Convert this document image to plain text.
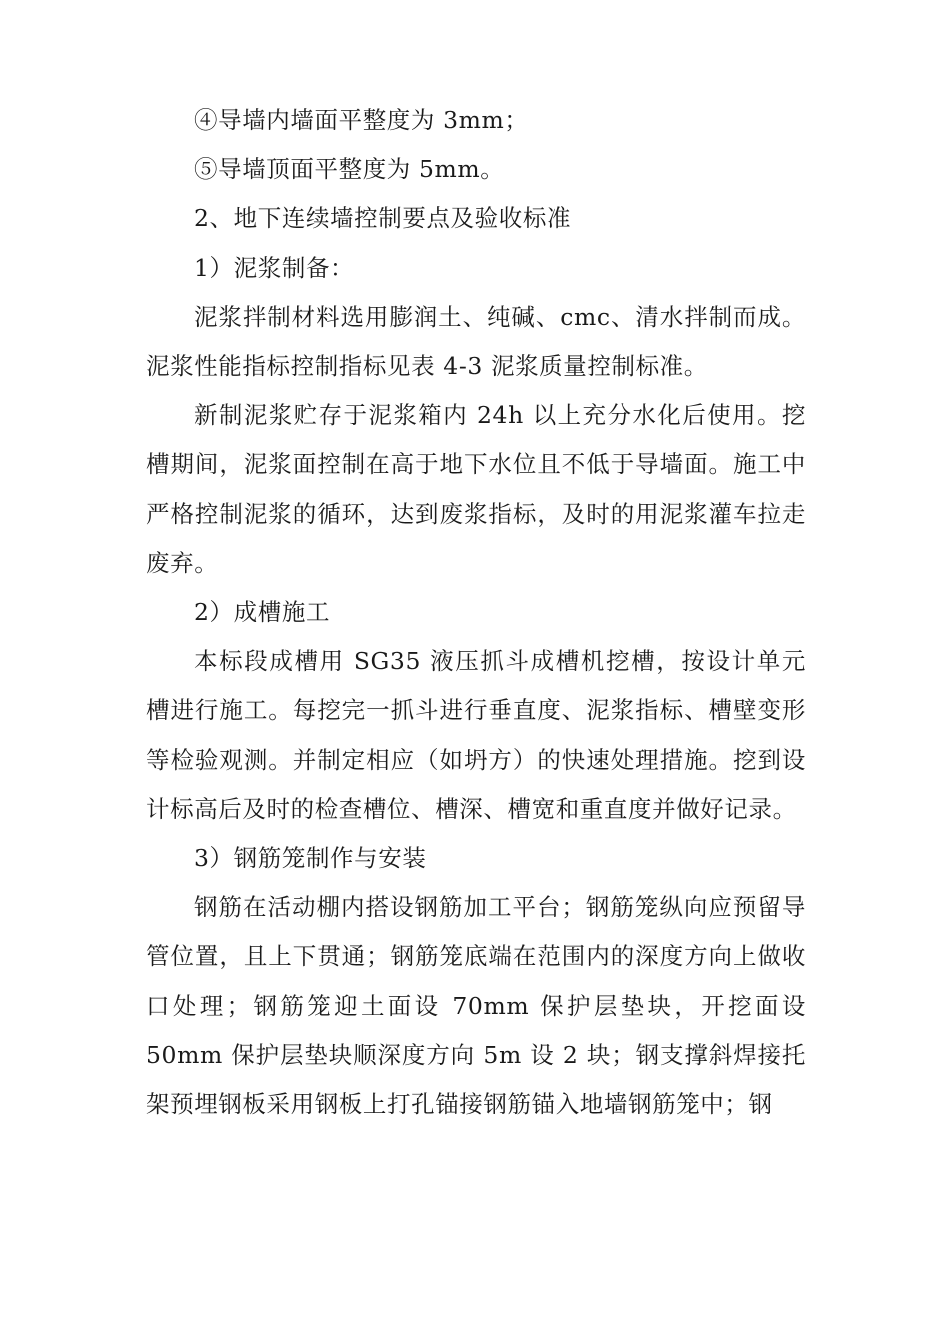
④导墙内墙面平整度为 3mm；

⑤导墙顶面平整度为 5mm。

2、地下连续墙控制要点及验收标准

1）泥浆制备：

泥浆拌制材料选用膨润土、纯碱、cmc、清水拌制而成。泥浆性能指标控制指标见表 4-3 泥浆质量控制标准。

新制泥浆贮存于泥浆箱内 24h 以上充分水化后使用。挖槽期间，泥浆面控制在高于地下水位且不低于导墙面。施工中严格控制泥浆的循环，达到废浆指标，及时的用泥浆灌车拉走废弃。

2）成槽施工

本标段成槽用 SG35 液压抓斗成槽机挖槽，按设计单元槽进行施工。每挖完一抓斗进行垂直度、泥浆指标、槽壁变形等检验观测。并制定相应（如坍方）的快速处理措施。挖到设计标高后及时的检查槽位、槽深、槽宽和重直度并做好记录。

3）钢筋笼制作与安装

钢筋在活动棚内搭设钢筋加工平台；钢筋笼纵向应预留导管位置，且上下贯通；钢筋笼底端在范围内的深度方向上做收口处理；钢筋笼迎土面设 70mm 保护层垫块，开挖面设 50mm 保护层垫块顺深度方向 5m 设 2 块；钢支撑斜焊接托架预埋钢板采用钢板上打孔锚接钢筋锚入地墙钢筋笼中；钢
